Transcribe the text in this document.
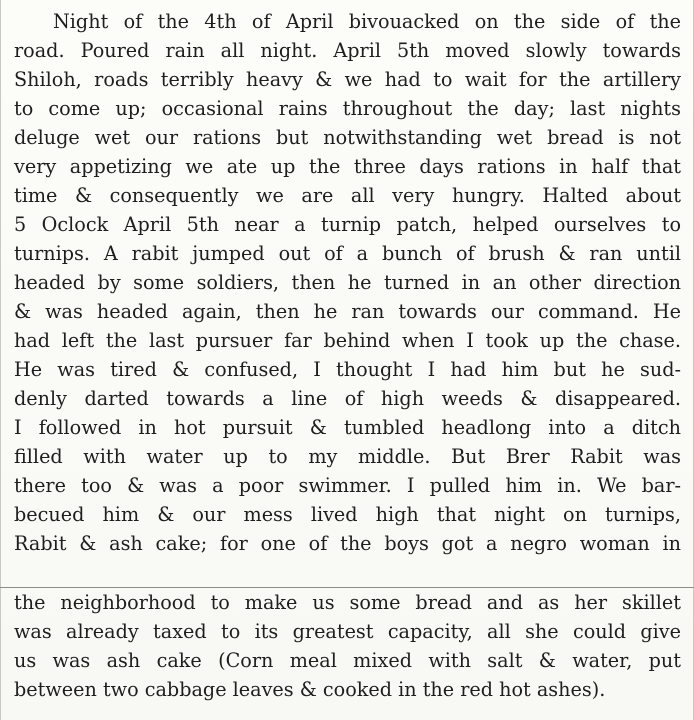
Night of the 4th of April bivouacked on the side of the
road. Poured rain all night. April 5th moved slowly towards
Shiloh, roads terribly heavy & we had to wait for the artillery
to come up; occasional rains throughout the day; last nights
deluge wet our rations but notwithstanding wet bread is not
very appetizing we ate up the three days rations in half that
time & consequently we are all very hungry. Halted about
5 Oclock April 5th near a turnip patch, helped ourselves to
turnips. A rabit jumped out of a bunch of brush & ran until
headed by some soldiers, then he turned in an other direction
& was headed again, then he ran towards our command. He
had left the last pursuer far behind when I took up the chase.
He was tired & confused, I thought I had him but he sud-
denly darted towards a line of high weeds & disappeared.
I followed in hot pursuit & tumbled headlong into a ditch
filled with water up to my middle. But Brer Rabit was
there too & was a poor swimmer. I pulled him in. We bar-
becued him & our mess lived high that night on turnips,
Rabit & ash cake; for one of the boys got a negro woman in
the neighborhood to make us some bread and as her skillet
was already taxed to its greatest capacity, all she could give
us was ash cake (Corn meal mixed with salt & water, put
between two cabbage leaves & cooked in the red hot ashes).
